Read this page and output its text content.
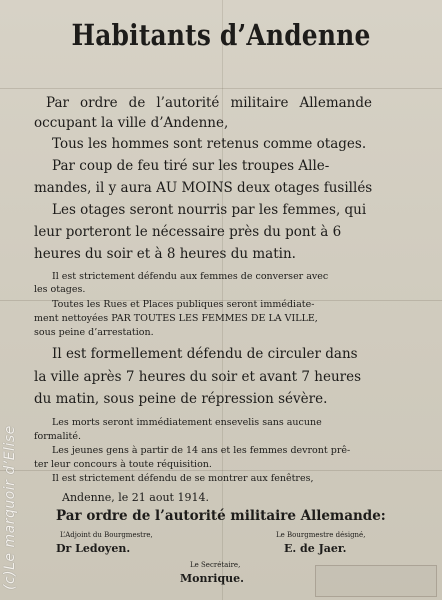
Habitants d’Andenne
Par ordre de l’autorité militaire Allemande
occupant la ville d’Andenne,
Tous les hommes sont retenus comme otages.
Par coup de feu tiré sur les troupes Alle-
mandes, il y aura AU MOINS deux otages fusillés
Les otages seront nourris par les femmes, qui
leur porteront le nécessaire près du pont à 6
heures du soir et à 8 heures du matin.
Il est strictement défendu aux femmes de converser avec
les otages.
Toutes les Rues et Places publiques seront immédiate-
ment nettoyées PAR TOUTES LES FEMMES DE LA VILLE,
sous peine d’arrestation.
Il est formellement défendu de circuler dans
la ville après 7 heures du soir et avant 7 heures
du matin, sous peine de répression sévère.
Les morts seront immédiatement ensevelis sans aucune
formalité.
Les jeunes gens à partir de 14 ans et les femmes devront prê-
ter leur concours à toute réquisition.
Il est strictement défendu de se montrer aux fenêtres,
Andenne, le 21 aout 1914.
Par ordre de l’autorité militaire Allemande:
L’Adjoint du Bourgmestre,
Dr Ledoyen.
Le Bourgmestre désigné,
E. de Jaer.
Le Secrétaire,
Monrique.
(c)Le marquoir d’Elise
